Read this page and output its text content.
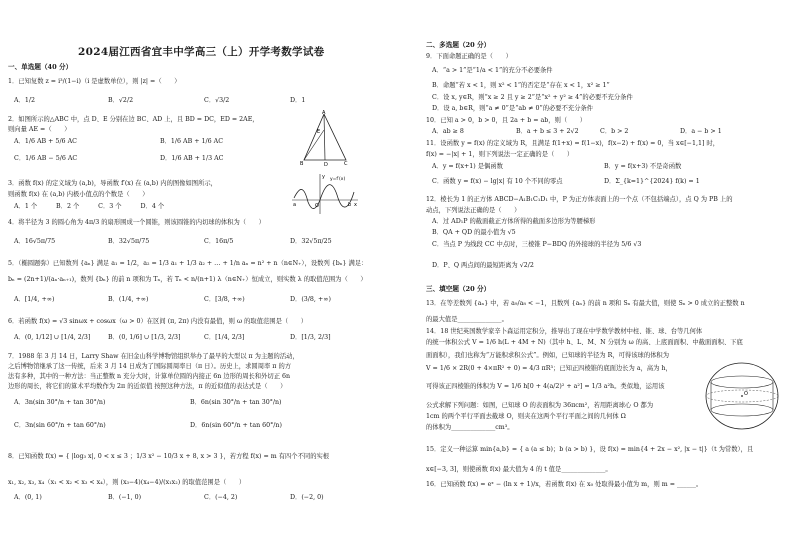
2024届江西省宜丰中学高三（上）开学考数学试卷
一、单选题（40 分）
1．已知复数 z = i³/(1−i)（i 是虚数单位），则 |z| =（　　）
A．1/2	B．√2/2	C．√3/2	D．1
2．如图所示的△ABC 中，点 D、E 分别在边 BC、AD 上，且 BD = DC，ED = 2AE，
则向量 AE =（　　）
A．1/6 AB + 5/6 AC	B．1/6 AB + 1/6 AC
C．1/6 AB − 5/6 AC	D．1/6 AB + 1/3 AC
3．函数 f(x) 的定义域为 (a,b)，导函数 f′(x) 在 (a,b) 内的图像如图所示，
则函数 f(x) 在 (a,b) 内极小值点的个数是（　　）
A．1 个　　　B．2 个　　　C．3 个　　　D．4 个
4．将半径为 3 的圆心角为 4π/3 的扇形围成一个圆锥，则该圆锥的内切球的体积为（　　）
A．16√5π/75	B．32√5π/75	C．16π/5	D．32√5π/25
5．（椭圆题弥）已知数列 {aₙ} 满足 a₁ = 1/2，a₂ = 1/3 a₁ + 1/3 a₂ + … + 1/n aₙ = n² + n（n∈N₊），设数列 {bₙ} 满足：
bₙ = (2n+1)/(aₙ·aₙ₊₁)，数列 {bₙ} 的前 n 项和为 Tₙ，若 Tₙ < n/(n+1) λ（n∈N₊）恒成立，则实数 λ 的取值范围为（　　）
A．[1/4, +∞)	B．(1/4, +∞)	C．[3/8, +∞)	D．(3/8, +∞)
6．若函数 f(x) = √3 sinωx + cosωx（ω > 0）在区间 (π, 2π) 内没有最值，则 ω 的取值范围是（　　）
A．(0, 1/12] ∪ [1/4, 2/3]	B．(0, 1/6] ∪ [1/3, 2/3]	C．[1/4, 2/3]	D．[1/3, 2/3]
7．1988 年 3 月 14 日，Larry Shaw 在旧金山科学博物馆组织举办了最早的大型以 π 为主题的活动，
之后博物馆继承了这一传统，后来 3 月 14 日成为了国际圆周率日（π 日）。历史上，求圆周率 π 的方
法有多种，其中的一种方法：当正整数 n 充分大时，计算单位圆的内接正 6n 边形的周长和外切正 6n
边形的周长，将它们的算术平均数作为 2π 的近似值 按照这种方法，π 的近似值的表达式是（　　）
A．3n(sin 30°/n + tan 30°/n)	B．6n(sin 30°/n + tan 30°/n)
C．3n(sin 60°/n + tan 60°/n)	D．6n(sin 60°/n + tan 60°/n)
8．已知函数 f(x) = { |log₃ x|, 0 < x ≤ 3 ；1/3 x² − 10/3 x + 8, x > 3 }，若方程 f(x) = m 有四个不同的实根
x₁, x₂, x₃, x₄（x₁ < x₂ < x₃ < x₄），则 (x₃−4)(x₄−4)/(x₁x₂) 的取值范围是（　　）
A．(0, 1)	B．(−1, 0)	C．(−4, 2)	D．(−2, 0)
二、多选题（20 分）
9．下面命题正确的是（　　）
A．“a > 1”是“1/a < 1”的充分不必要条件
B．命题“若 x < 1，则 x² < 1”的否定是“存在 x < 1，x² ≥ 1”
C．设 x, y∈R，则“x ≥ 2 且 y ≥ 2”是“x² + y² ≥ 4”的必要不充分条件
D．设 a, b∈R，则“a ≠ 0”是“ab ≠ 0”的必要不充分条件
10．已知 a > 0，b > 0，且 2a + b = ab，则（　　）
A．ab ≥ 8	B．a + b ≤ 3 + 2√2	C．b > 2	D．a − b > 1
11．设函数 y = f(x) 的定义域为 R，且满足 f(1+x) = f(1−x)，f(x−2) + f(x) = 0，当 x∈[−1,1] 时，
f(x) = −|x| + 1，则下列说法一定正确的是（　　）
A．y = f(x+1) 是偶函数	B．y = f(x+3) 不是奇函数
C．函数 y = f(x) − lg|x| 有 10 个不同的零点	D．Σ_{k=1}^{2024} f(k) = 1
12．棱长为 1 的正方体 ABCD−A₁B₁C₁D₁ 中，P 为正方体表面上的一个点（不包括端点），点 Q 为 PB 上的
动点，下列说法正确的是（　　）
A．过 AD₁P 的截面截正方体所得的截面多边形为等腰梯形
B．QA + QD 的最小值为 √5
C．当点 P 为线段 CC 中点时，三棱锥 P−BDQ 的外接球的半径为 5/6 √3
D．P、Q 两点间的最短距离为 √2/2
三、填空题（20 分）
13．在等差数列 {aₙ} 中，若 a₉/a₈ < −1，且数列 {aₙ} 的前 n 项和 Sₙ 有最大值，则使 Sₙ > 0 成立的正整数 n
的最大值是______________。
14．18 世纪英国数学家辛卜森运用定积分，推导出了现在中学数学教材中柱、锥、球、台等几何体
的统一体积公式 V = 1/6 h(L + 4M + N)（其中 h、L、M、N 分别为 ω 的高、上底面面积、中截面面积、下底
面面积），我们也称为“万能积求积公式”。例如，已知球的半径为 R，可得该球的体积为
V = 1/6 × 2R(0 + 4×πR² + 0) = 4/3 πR³；已知正四棱锥的底面边长为 a，高为 h，
可得该正四棱锥的体积为 V = 1/6 h[0 + 4(a/2)² + a²] = 1/3 a²h。类似地，运用该
公式求解下列问题：如图，已知球 O 的表面积为 36πcm²，若用距离球心 O 都为
1cm 的两个平行平面去截球 O，则夹在这两个平行平面之间的几何体 Ω
的体积为______________cm³。
15．定义一种运算 min{a,b} = { a (a ≤ b)；b (a > b) }，设 f(x) = min{4 + 2x − x², |x − t|}（t 为常数），且
x∈[−3, 3]，则使函数 f(x) 最大值为 4 的 t 值是______________。
16．已知函数 f(x) = eˣ − (ln x + 1)/x，若函数 f(x) 在 x₀ 处取得最小值为 m，则 m = ______。
A
B	C
D
E
y
x
a	b
O
y=f′(x)
O
